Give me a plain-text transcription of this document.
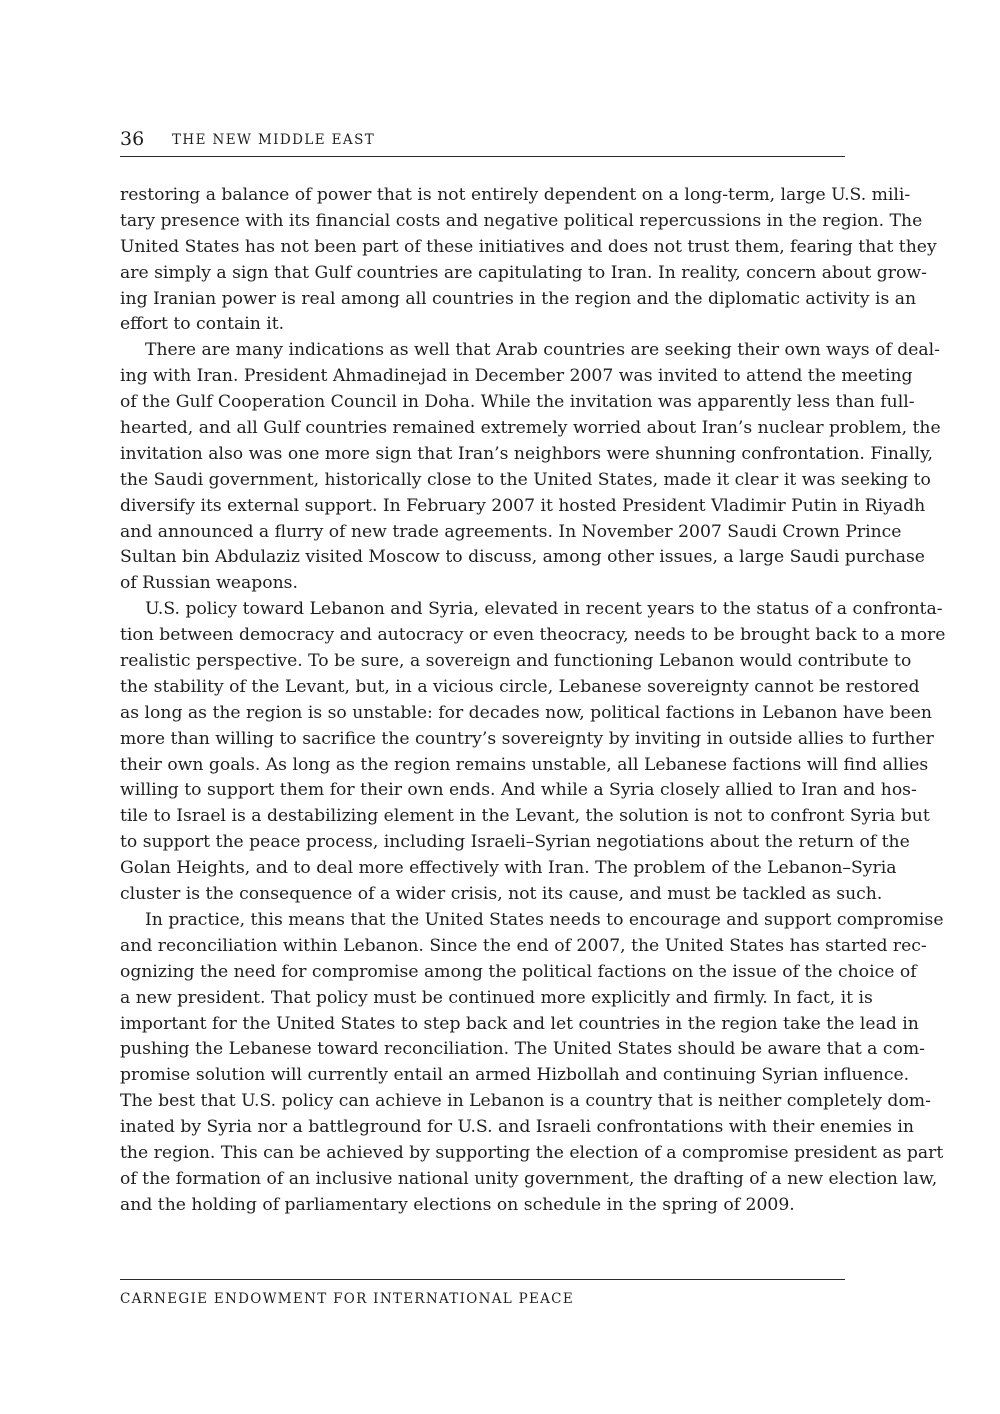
36 THE NEW MIDDLE EAST

restoring a balance of power that is not entirely dependent on a long-term, large U.S. mili-
tary presence with its financial costs and negative political repercussions in the region. The
United States has not been part of these initiatives and does not trust them, fearing that they
are simply a sign that Gulf countries are capitulating to Iran. In reality, concern about grow-
ing Iranian power is real among all countries in the region and the diplomatic activity is an
effort to contain it.

There are many indications as well that Arab countries are seeking their own ways of deal-
ing with Iran. President Ahmadinejad in December 2007 was invited to attend the meeting
of the Gulf Cooperation Council in Doha. While the invitation was apparently less than full-
hearted, and all Gulf countries remained extremely worried about Iran’s nuclear problem, the
invitation also was one more sign that Iran’s neighbors were shunning confrontation. Finally,
the Saudi government, historically close to the United States, made it clear it was seeking to
diversify its external support. In February 2007 it hosted President Vladimir Putin in Riyadh
and announced a flurry of new trade agreements. In November 2007 Saudi Crown Prince
Sultan bin Abdulaziz visited Moscow to discuss, among other issues, a large Saudi purchase
of Russian weapons.

U.S. policy toward Lebanon and Syria, elevated in recent years to the status of a confronta-
tion between democracy and autocracy or even theocracy, needs to be brought back to a more
realistic perspective. To be sure, a sovereign and functioning Lebanon would contribute to
the stability of the Levant, but, in a vicious circle, Lebanese sovereignty cannot be restored
as long as the region is so unstable: for decades now, political factions in Lebanon have been
more than willing to sacrifice the country’s sovereignty by inviting in outside allies to further
their own goals. As long as the region remains unstable, all Lebanese factions will find allies
willing to support them for their own ends. And while a Syria closely allied to Iran and hos-
tile to Israel is a destabilizing element in the Levant, the solution is not to confront Syria but
to support the peace process, including Israeli–Syrian negotiations about the return of the
Golan Heights, and to deal more effectively with Iran. The problem of the Lebanon–Syria
cluster is the consequence of a wider crisis, not its cause, and must be tackled as such.

In practice, this means that the United States needs to encourage and support compromise
and reconciliation within Lebanon. Since the end of 2007, the United States has started rec-
ognizing the need for compromise among the political factions on the issue of the choice of
a new president. That policy must be continued more explicitly and firmly. In fact, it is
important for the United States to step back and let countries in the region take the lead in
pushing the Lebanese toward reconciliation. The United States should be aware that a com-
promise solution will currently entail an armed Hizbollah and continuing Syrian influence.
The best that U.S. policy can achieve in Lebanon is a country that is neither completely dom-
inated by Syria nor a battleground for U.S. and Israeli confrontations with their enemies in
the region. This can be achieved by supporting the election of a compromise president as part
of the formation of an inclusive national unity government, the drafting of a new election law,
and the holding of parliamentary elections on schedule in the spring of 2009.

CARNEGIE ENDOWMENT FOR INTERNATIONAL PEACE
